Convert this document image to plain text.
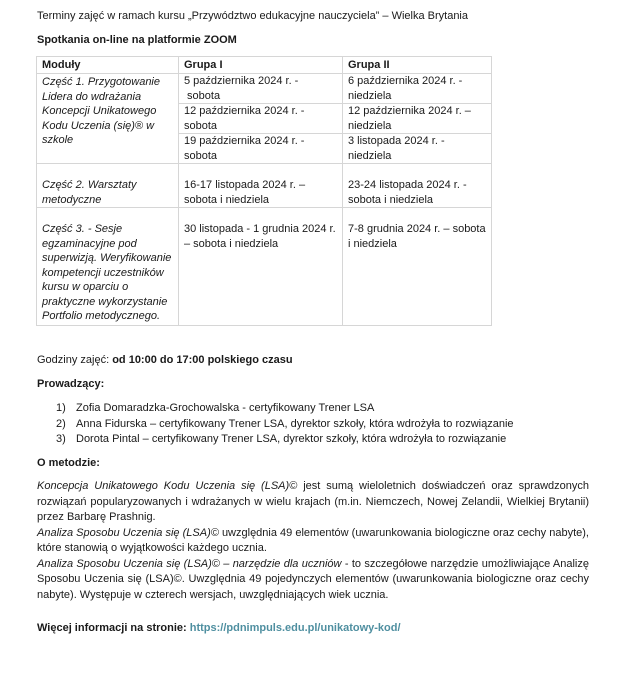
Terminy zajęć w ramach kursu „Przywództwo edukacyjne nauczyciela” – Wielka Brytania
Spotkania on-line na platformie ZOOM
Moduły	Grupa I	Grupa II
Część 1. Przygotowanie Lidera do wdrażania Koncepcji Unikatowego Kodu Uczenia (się)® w szkole	5 października 2024 r. -  sobota	6 października 2024 r. - niedziela
	12 października 2024 r. - sobota	12 października 2024 r. – niedziela
	19 października 2024 r. - sobota	3 listopada 2024 r. - niedziela
Część 2. Warsztaty metodyczne	16-17 listopada 2024 r. – sobota i niedziela	23-24 listopada 2024 r. - sobota i niedziela
Część 3. - Sesje egzaminacyjne pod superwizją. Weryfikowanie kompetencji uczestników kursu w oparciu o praktyczne wykorzystanie Portfolio metodycznego.	30 listopada - 1 grudnia 2024 r. – sobota i niedziela	7-8 grudnia 2024 r. – sobota i niedziela
Godziny zajęć: od 10:00 do 17:00 polskiego czasu
Prowadzący:
1) Zofia Domaradzka-Grochowalska - certyfikowany Trener LSA
2) Anna Fidurska – certyfikowany Trener LSA, dyrektor szkoły, która wdrożyła to rozwiązanie
3) Dorota Pintal – certyfikowany Trener LSA, dyrektor szkoły, która wdrożyła to rozwiązanie
O metodzie:
Koncepcja Unikatowego Kodu Uczenia się (LSA)© jest sumą wieloletnich doświadczeń oraz sprawdzonych rozwiązań popularyzowanych i wdrażanych w wielu krajach (m.in. Niemczech, Nowej Zelandii, Wielkiej Brytanii) przez Barbarę Prashnig.
Analiza Sposobu Uczenia się (LSA)© uwzględnia 49 elementów (uwarunkowania biologiczne oraz cechy nabyte), które stanowią o wyjątkowości każdego ucznia.
Analiza Sposobu Uczenia się (LSA)© – narzędzie dla uczniów - to szczegółowe narzędzie umożliwiające Analizę Sposobu Uczenia się (LSA)©. Uwzględnia 49 pojedynczych elementów (uwarunkowania biologiczne oraz cechy nabyte). Występuje w czterech wersjach, uwzględniających wiek ucznia.
Więcej informacji na stronie: https://pdnimpuls.edu.pl/unikatowy-kod/
